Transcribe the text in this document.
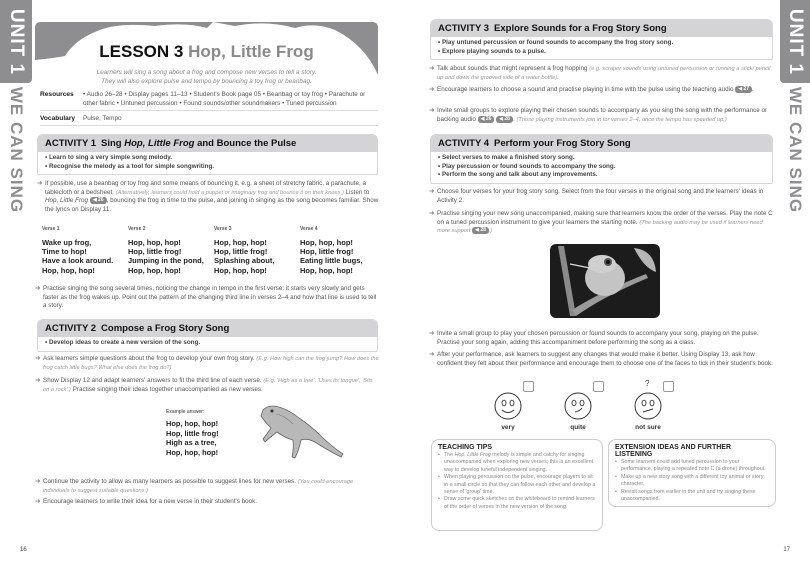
UNIT 1
WE CAN SING
LESSON 3 Hop, Little Frog
Learners will sing a song about a frog and compose new verses to tell a story.
They will also explore pulse and tempo by bouncing a toy frog or beanbag.
Resources • Audio 26–28 • Display pages 11–13 • Student's Book page 05 • Beanbag or toy frog • Parachute or other fabric • Untuned percussion • Found sounds/other soundmakers • Tuned percussion
Vocabulary Pulse, Tempo
ACTIVITY 1 Sing Hop, Little Frog and Bounce the Pulse
• Learn to sing a very simple song melody.
• Recognise the melody as a tool for simple songwriting.
➔ If possible, use a beanbag or toy frog and some means of bouncing it, e.g. a sheet of stretchy fabric, a parachute, a tablecloth or a bedsheet. (Alternatively, learners could hold a puppet or imaginary frog and bounce it on their knees.) Listen to Hop, Little Frog ◀ 26 , bouncing the frog in time to the pulse, and joining in singing as the song becomes familiar. Show the lyrics on Display 11.
Verse 1
Wake up frog,
Time to hop!
Have a look around.
Hop, hop, hop!
Verse 2
Hop, hop, hop!
Hop, little frog!
Jumping in the pond,
Hop, hop, hop!
Verse 3
Hop, hop, hop!
Hop, little frog!
Splashing about,
Hop, hop, hop!
Verse 4
Hop, hop, hop!
Hop, little frog!
Eating little bugs,
Hop, hop, hop!
➔ Practise singing the song several times, noticing the change in tempo in the first verse: it starts very slowly and gets faster as the frog wakes up. Point out the pattern of the changing third line in verses 2–4 and how that line is used to tell a story.
ACTIVITY 2 Compose a Frog Story Song
• Develop ideas to create a new version of the song.
➔ Ask learners simple questions about the frog to develop your own frog story. (E.g. How high can the frog jump? How does the frog catch little bugs? What else does the frog do?)
➔ Show Display 12 and adapt learners' answers to fit the third line of each verse. (E.g. 'High as a tree', 'Uses its tongue', 'Sits on a rock'.) Practise singing their ideas together unaccompanied as new verses.
Example answer:
Hop, hop, hop!
Hop, little frog!
High as a tree,
Hop, hop, hop!
➔ Continue the activity to allow as many learners as possible to suggest lines for new verses. (You could encourage individuals to suggest suitable questions.)
➔ Encourage learners to write their idea for a new verse in their student's book.
16
UNIT 1
WE CAN SING
ACTIVITY 3 Explore Sounds for a Frog Story Song
• Play untuned percussion or found sounds to accompany the frog story song.
• Explore playing sounds to a pulse.
➔ Talk about sounds that might represent a frog hopping (e.g. scraper sounds using untuned percussion or running a stick/ pencil up and down the grooved side of a water bottle).
➔ Encourage learners to choose a sound and practise playing in time with the pulse using the teaching audio ◀ 27 .
➔ Invite small groups to explore playing their chosen sounds to accompany as you sing the song with the performance or backing audio ◀ 26 ◀ 28 . (Those playing instruments join in for verses 2–4, once the tempo has speeded up.)
ACTIVITY 4 Perform your Frog Story Song
• Select verses to make a finished story song.
• Play percussion or found sounds to accompany the song.
• Perform the song and talk about any improvements.
➔ Choose four verses for your frog story song. Select from the four verses in the original song and the learners' ideas in Activity 2.
➔ Practise singing your new song unaccompanied, making sure that learners know the order of the verses. Play the note C on a tuned percussion instrument to give your learners the starting note. (The backing audio may be used if learners need more support ◀ 28 .)
➔ Invite a small group to play your chosen percussion or found sounds to accompany your song, playing on the pulse. Practise your song again, adding this accompaniment before performing the song as a class.
➔ After your performance, ask learners to suggest any changes that would make it better. Using Display 13, ask how confident they felt about their performance and encourage them to choose one of the faces to tick in their student's book.
very	quite
?
not sure
TEACHING TIPS
• The Hop, Little Frog melody is simple and catchy for singing unaccompanied when exploring new verses; this is an excellent way to develop tuneful independent singing.
• When playing percussion on the pulse, encourage players to sit in a small circle so that they can follow each other and develop a sense of 'group' time.
• Draw some quick sketches on the whiteboard to remind learners of the order of verses in the new version of the song.
EXTENSION IDEAS AND FURTHER LISTENING
• Some learners could add tuned percussion to your performance, playing a repeated note C (a drone) throughout.
• Make up a new story song with a different toy animal or story character.
• Revisit songs from earlier in the unit and try singing these unaccompanied.
17
